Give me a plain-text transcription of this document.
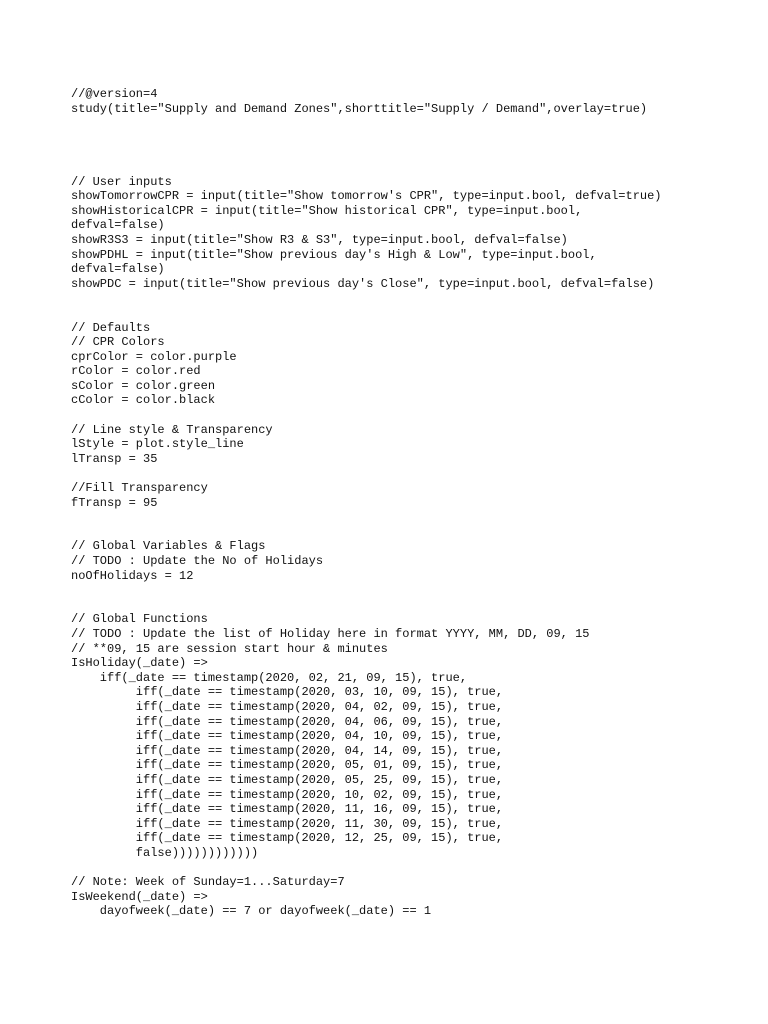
//@version=4
study(title="Supply and Demand Zones",shorttitle="Supply / Demand",overlay=true)
// User inputs
showTomorrowCPR = input(title="Show tomorrow's CPR", type=input.bool, defval=true)
showHistoricalCPR = input(title="Show historical CPR", type=input.bool,
defval=false)
showR3S3 = input(title="Show R3 & S3", type=input.bool, defval=false)
showPDHL = input(title="Show previous day's High & Low", type=input.bool,
defval=false)
showPDC = input(title="Show previous day's Close", type=input.bool, defval=false)
// Defaults
// CPR Colors
cprColor = color.purple
rColor = color.red
sColor = color.green
cColor = color.black
// Line style & Transparency
lStyle = plot.style_line
lTransp = 35
//Fill Transparency
fTransp = 95
// Global Variables & Flags
// TODO : Update the No of Holidays
noOfHolidays = 12
// Global Functions
// TODO : Update the list of Holiday here in format YYYY, MM, DD, 09, 15
// **09, 15 are session start hour & minutes
IsHoliday(_date) =>
iff(_date == timestamp(2020, 02, 21, 09, 15), true,
iff(_date == timestamp(2020, 03, 10, 09, 15), true,
iff(_date == timestamp(2020, 04, 02, 09, 15), true,
iff(_date == timestamp(2020, 04, 06, 09, 15), true,
iff(_date == timestamp(2020, 04, 10, 09, 15), true,
iff(_date == timestamp(2020, 04, 14, 09, 15), true,
iff(_date == timestamp(2020, 05, 01, 09, 15), true,
iff(_date == timestamp(2020, 05, 25, 09, 15), true,
iff(_date == timestamp(2020, 10, 02, 09, 15), true,
iff(_date == timestamp(2020, 11, 16, 09, 15), true,
iff(_date == timestamp(2020, 11, 30, 09, 15), true,
iff(_date == timestamp(2020, 12, 25, 09, 15), true,
false))))))))))))
// Note: Week of Sunday=1...Saturday=7
IsWeekend(_date) =>
dayofweek(_date) == 7 or dayofweek(_date) == 1
